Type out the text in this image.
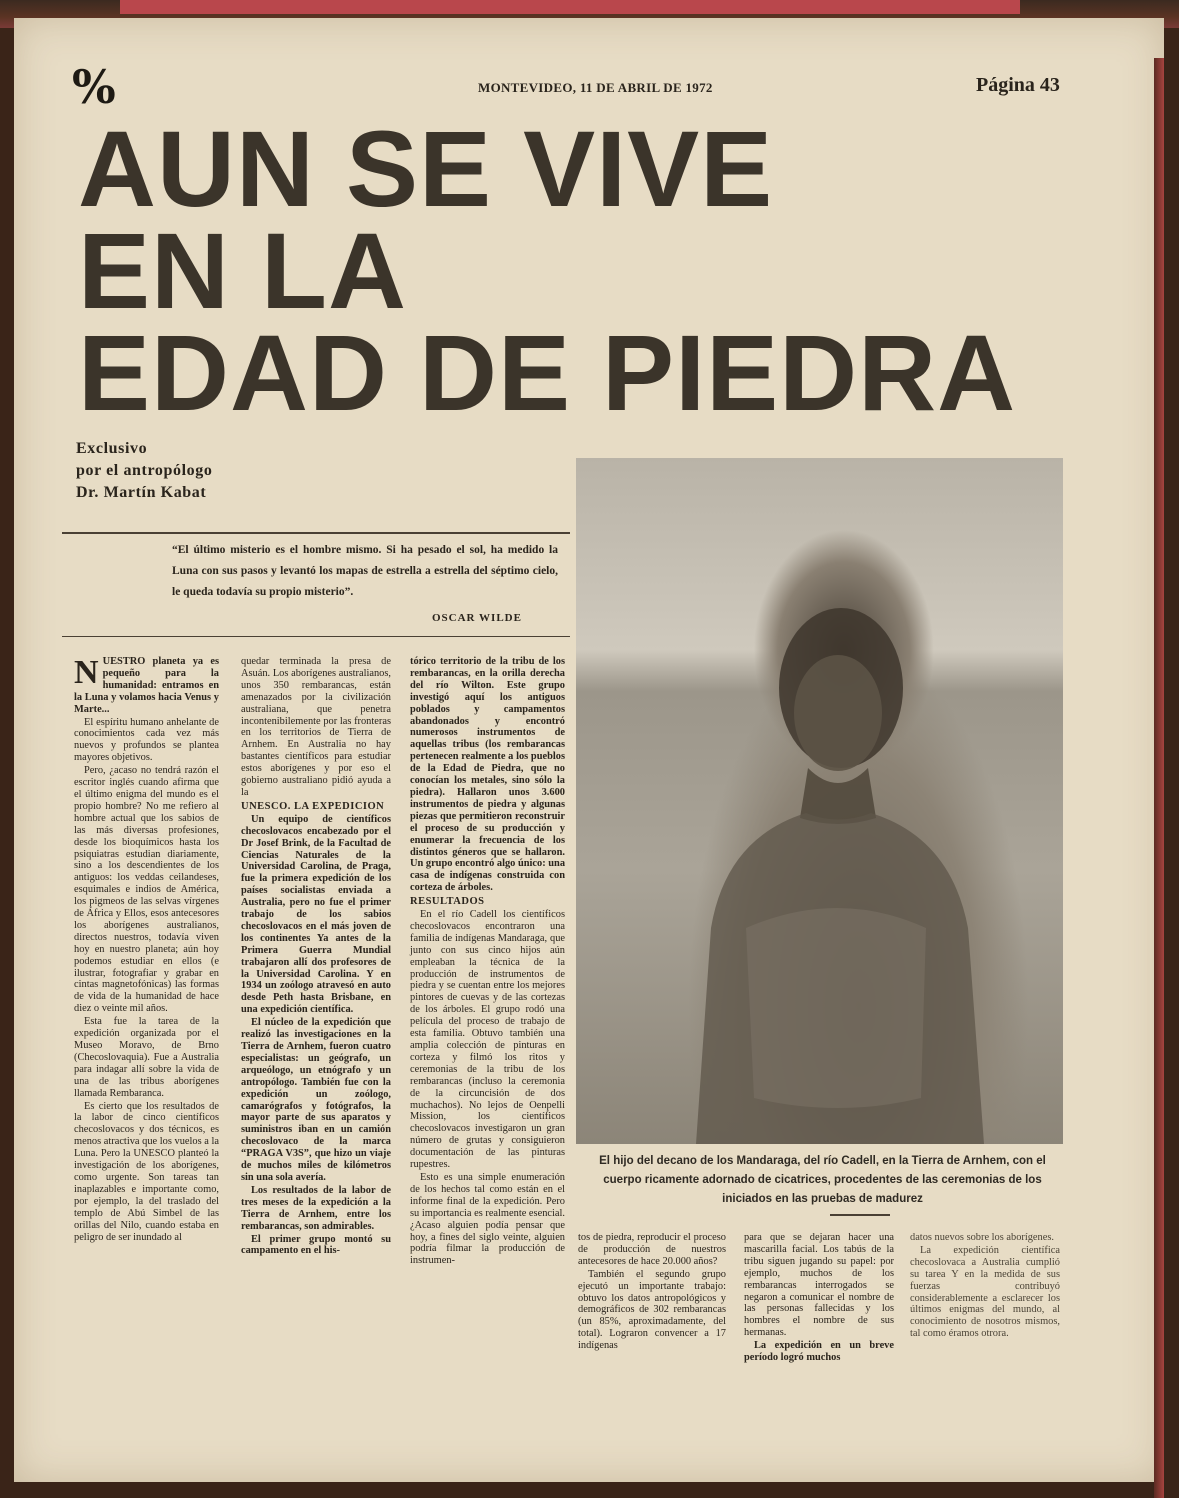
%	MONTEVIDEO, 11 DE ABRIL DE 1972	Página 43
AUN SE VIVE
EN LA
EDAD DE PIEDRA
Exclusivo
por el antropólogo
Dr. Martín Kabat
“El último misterio es el hombre mismo. Si ha pesado el sol, ha medido la Luna con sus pasos y levantó los mapas de estrella a estrella del séptimo cielo, le queda todavía su propio misterio”.
OSCAR WILDE
El hijo del decano de los Mandaraga, del río Cadell, en la Tierra de Arnhem, con el cuerpo ricamente adornado de cicatrices, procedentes de las ceremonias de los iniciados en las pruebas de madurez

NUESTRO planeta ya es pequeño para la humanidad: entramos en la Luna y volamos hacia Venus y Marte...

El espíritu humano anhelante de conocimientos cada vez más nuevos y profundos se plantea mayores objetivos.

Pero, ¿acaso no tendrá razón el escritor inglés cuando afirma que el último enigma del mundo es el propio hombre? No me refiero al hombre actual que los sabios de las más diversas profesiones, desde los bioquímicos hasta los psiquiatras estudian diariamente, sino a los descendientes de los antiguos: los veddas ceilandeses, esquimales e indios de América, los pigmeos de las selvas vírgenes de África y Ellos, esos antecesores los aborígenes australianos, directos nuestros, todavía viven hoy en nuestro planeta; aún hoy podemos estudiar en ellos (e ilustrar, fotografiar y grabar en cintas magnetofónicas) las formas de vida de la humanidad de hace diez o veinte mil años.

Esta fue la tarea de la expedición organizada por el Museo Moravo, de Brno (Checoslovaquia). Fue a Australia para indagar allí sobre la vida de una de las tribus aborígenes llamada Rembaranca.

Es cierto que los resultados de la labor de cinco científicos checoslovacos y dos técnicos, es menos atractiva que los vuelos a la Luna. Pero la UNESCO planteó la investigación de los aborígenes, como urgente. Son tareas tan inaplazables e importante como, por ejemplo, la del traslado del templo de Abú Simbel de las orillas del Nilo, cuando estaba en peligro de ser inundado al

quedar terminada la presa de Asuán. Los aborígenes australianos, unos 350 rembarancas, están amenazados por la civilización australiana, que penetra incontenibilemente por las fronteras en los territorios de Tierra de Arnhem. En Australia no hay bastantes científicos para estudiar estos aborígenes y por eso el gobierno australiano pidió ayuda a la

UNESCO. LA EXPEDICION

Un equipo de científicos checoslovacos encabezado por el Dr Josef Brink, de la Facultad de Ciencias Naturales de la Universidad Carolina, de Praga, fue la primera expedición de los países socialistas enviada a Australia, pero no fue el primer trabajo de los sabios checoslovacos en el más joven de los continentes Ya antes de la Primera Guerra Mundial trabajaron allí dos profesores de la Universidad Carolina. Y en 1934 un zoólogo atravesó en auto desde Peth hasta Brisbane, en una expedición científica.

El núcleo de la expedición que realizó las investigaciones en la Tierra de Arnhem, fueron cuatro especialistas: un geógrafo, un arqueólogo, un etnógrafo y un antropólogo. También fue con la expedición un zoólogo, camarógrafos y fotógrafos, la mayor parte de sus aparatos y suministros iban en un camión checoslovaco de la marca “PRAGA V3S”, que hizo un viaje de muchos miles de kilómetros sin una sola avería.

Los resultados de la labor de tres meses de la expedición a la Tierra de Arnhem, entre los rembarancas, son admirables.

El primer grupo montó su campamento en el his-

tórico territorio de la tribu de los rembarancas, en la orilla derecha del río Wilton. Este grupo investigó aquí los antiguos poblados y campamentos abandonados y encontró numerosos instrumentos de aquellas tribus (los rembarancas pertenecen realmente a los pueblos de la Edad de Piedra, que no conocían los metales, sino sólo la piedra). Hallaron unos 3.600 instrumentos de piedra y algunas piezas que permitieron reconstruir el proceso de su producción y enumerar la frecuencia de los distintos géneros que se hallaron. Un grupo encontró algo único: una casa de indígenas construida con corteza de árboles.

RESULTADOS

En el río Cadell los científicos checoslovacos encontraron una familia de indígenas Mandaraga, que junto con sus cinco hijos aún empleaban la técnica de la producción de instrumentos de piedra y se cuentan entre los mejores pintores de cuevas y de las cortezas de los árboles. El grupo rodó una película del proceso de trabajo de esta familia. Obtuvo también una amplia colección de pinturas en corteza y filmó los ritos y ceremonias de la tribu de los rembarancas (incluso la ceremonia de la circuncisión de dos muchachos). No lejos de Oenpelli Mission, los científicos checoslovacos investigaron un gran número de grutas y consiguieron documentación de las pinturas rupestres.

Esto es una simple enumeración de los hechos tal como están en el informe final de la expedición. Pero su importancia es realmente esencial. ¿Acaso alguien podía pensar que hoy, a fines del siglo veinte, alguien podría filmar la producción de instrumen-

tos de piedra, reproducir el proceso de producción de nuestros antecesores de hace 20.000 años?

También el segundo grupo ejecutó un importante trabajo: obtuvo los datos antropológicos y demográficos de 302 rembarancas (un 85%, aproximadamente, del total). Lograron convencer a 17 indígenas

para que se dejaran hacer una mascarilla facial. Los tabús de la tribu siguen jugando su papel: por ejemplo, muchos de los rembarancas interrogados se negaron a comunicar el nombre de las personas fallecidas y los hombres el nombre de sus hermanas.

La expedición en un breve período logró muchos

datos nuevos sobre los aborígenes.

La expedición científica checoslovaca a Australia cumplió su tarea Y en la medida de sus fuerzas contribuyó considerablemente a esclarecer los últimos enigmas del mundo, al conocimiento de nosotros mismos, tal como éramos otrora.
